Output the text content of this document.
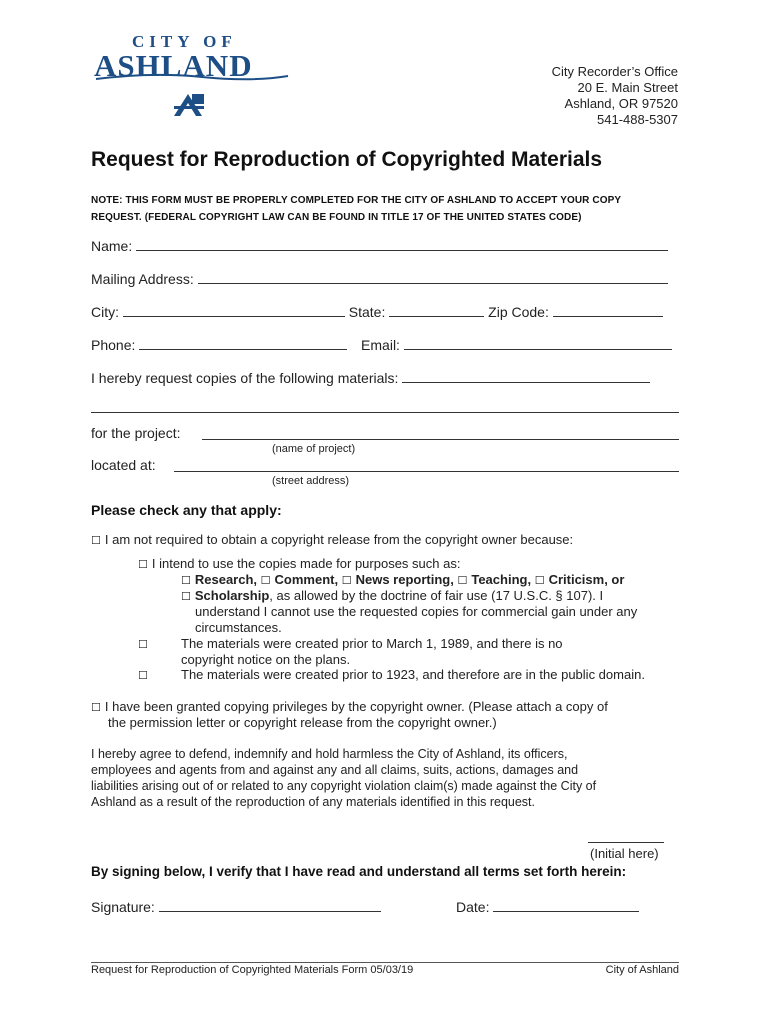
CITY OF
ASHLAND	City Recorder’s Office
20 E. Main Street
Ashland, OR 97520
541-488-5307
Request for Reproduction of Copyrighted Materials
NOTE: THIS FORM MUST BE PROPERLY COMPLETED FOR THE CITY OF ASHLAND TO ACCEPT YOUR COPY
REQUEST. (FEDERAL COPYRIGHT LAW CAN BE FOUND IN TITLE 17 OF THE UNITED STATES CODE)
Name:
Mailing Address:
City:	State:	Zip Code:
Phone:	Email:
I hereby request copies of the following materials:
for the project:
(name of project)
located at:
(street address)
Please check any that apply:
☐ I am not required to obtain a copyright release from the copyright owner because:
☐ I intend to use the copies made for purposes such as:
☐ Research, ☐ Comment, ☐ News reporting, ☐ Teaching, ☐ Criticism, or
☐ Scholarship, as allowed by the doctrine of fair use (17 U.S.C. § 107). I
understand I cannot use the requested copies for commercial gain under any
circumstances.
☐	The materials were created prior to March 1, 1989, and there is no
copyright notice on the plans.
☐	The materials were created prior to 1923, and therefore are in the public domain.
☐ I have been granted copying privileges by the copyright owner. (Please attach a copy of
the permission letter or copyright release from the copyright owner.)
I hereby agree to defend, indemnify and hold harmless the City of Ashland, its officers,
employees and agents from and against any and all claims, suits, actions, damages and
liabilities arising out of or related to any copyright violation claim(s) made against the City of
Ashland as a result of the reproduction of any materials identified in this request.
(Initial here)
By signing below, I verify that I have read and understand all terms set forth herein:
Signature:	Date:
Request for Reproduction of Copyrighted Materials Form 05/03/19	City of Ashland
